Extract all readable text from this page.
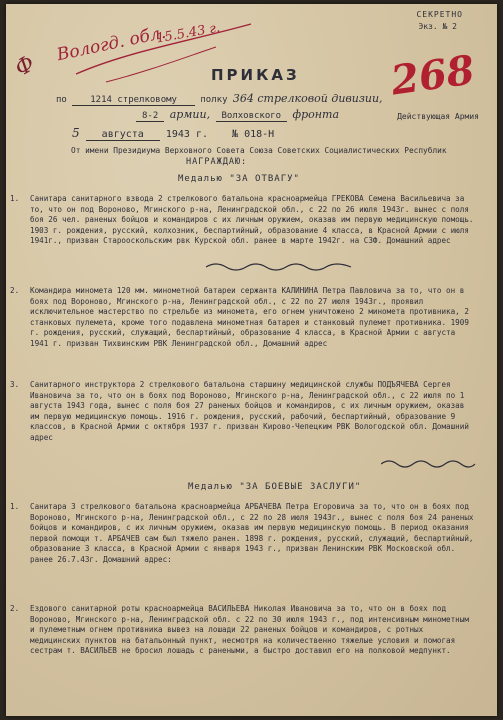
Вологд. обл.
15.5.43 г.
Ф
СЕКРЕТНО
Экз. № 2
ПРИКАЗ 268
по	1214 стрелковому	полку 364 стрелковой дивизии,
8-2 армии, Волховского фронта	Действующая Армия
5 августа 1943 г. № 018-Н
От имени Президиума Верховного Совета Союза Советских Социалистических Республик
НАГРАЖДАЮ:
Медалью "ЗА ОТВАГУ"
1. Санитара санитарного взвода 2 стрелкового батальона красноармейца ГРЕКОВА Семена Васильевича за то, что он под Вороново, Мгинского р-на, Ленинградской обл., с 22 по 26 июля 1943г. вынес с поля боя 26 чел. раненых бойцов и командиров с их личным оружием, оказав им первую медицинскую помощь. 1903 г. рождения, русский, колхозник, беспартийный, образование 4 класса, в Красной Армии с июля 1941г., призван Старооскольским рвк Курской обл. ранее в марте 1942г. на СЗФ. Домашний адрес
2. Командира миномета 120 мм. минометной батареи сержанта КАЛИНИНА Петра Павловича за то, что он в боях под Вороново, Мгинского р-на, Ленинградской обл., с 22 по 27 июля 1943г., проявил исключительное мастерство по стрельбе из миномета, его огнем уничтожено 2 миномета противника, 2 станковых пулемета, кроме того подавлена минометная батарея и станковый пулемет противника. 1909 г. рождения, русский, служащий, беспартийный, образование 4 класса, в Красной Армии с августа 1941 г. призван Тихвинским РВК Ленинградской обл., Домашний адрес
3. Санитарного инструктора 2 стрелкового батальона старшину медицинской службы ПОДЪЯЧЕВА Сергея Ивановича за то, что он в боях под Вороново, Мгинского р-на, Ленинградской обл., с 22 июля по 1 августа 1943 года, вынес с поля боя 27 раненых бойцов и командиров, с их личным оружием, оказав им первую медицинскую помощь. 1916 г. рождения, русский, рабочий, беспартийный, образование 9 классов, в Красной Армии с октября 1937 г. призван Кирово-Чепецким РВК Вологодской обл. Домашний адрес
Медалью "ЗА БОЕВЫЕ ЗАСЛУГИ"
1. Санитара 3 стрелкового батальона красноармейца АРБАЧЕВА Петра Егоровича за то, что он в боях под Вороново, Мгинского р-на, Ленинградской обл., с 22 по 28 июля 1943г., вынес с поля боя 24 раненых бойцов и командиров, с их личным оружием, оказав им первую медицинскую помощь. В период оказания первой помощи т. АРБАЧЕВ сам был тяжело ранен. 1898 г. рождения, русский, служащий, беспартийный, образование 3 класса, в Красной Армии с января 1943 г., призван Ленинским РВК Московской обл. ранее 26.7.43г. Домашний адрес:
2. Ездового санитарной роты красноармейца ВАСИЛЬЕВА Николая Ивановича за то, что он в боях под Вороново, Мгинского р-на, Ленинградской обл. с 22 по 30 июля 1943 г., под интенсивным минометным и пулеметным огнем противника вывез на лошади 22 раненых бойцов и командиров, с ротных медицинских пунктов на батальонный пункт, несмотря на количественно тяжелые условия и помогая сестрам т. ВАСИЛЬЕВ не бросил лошадь с ранеными, а быстро доставил его на полковой медпункт.
